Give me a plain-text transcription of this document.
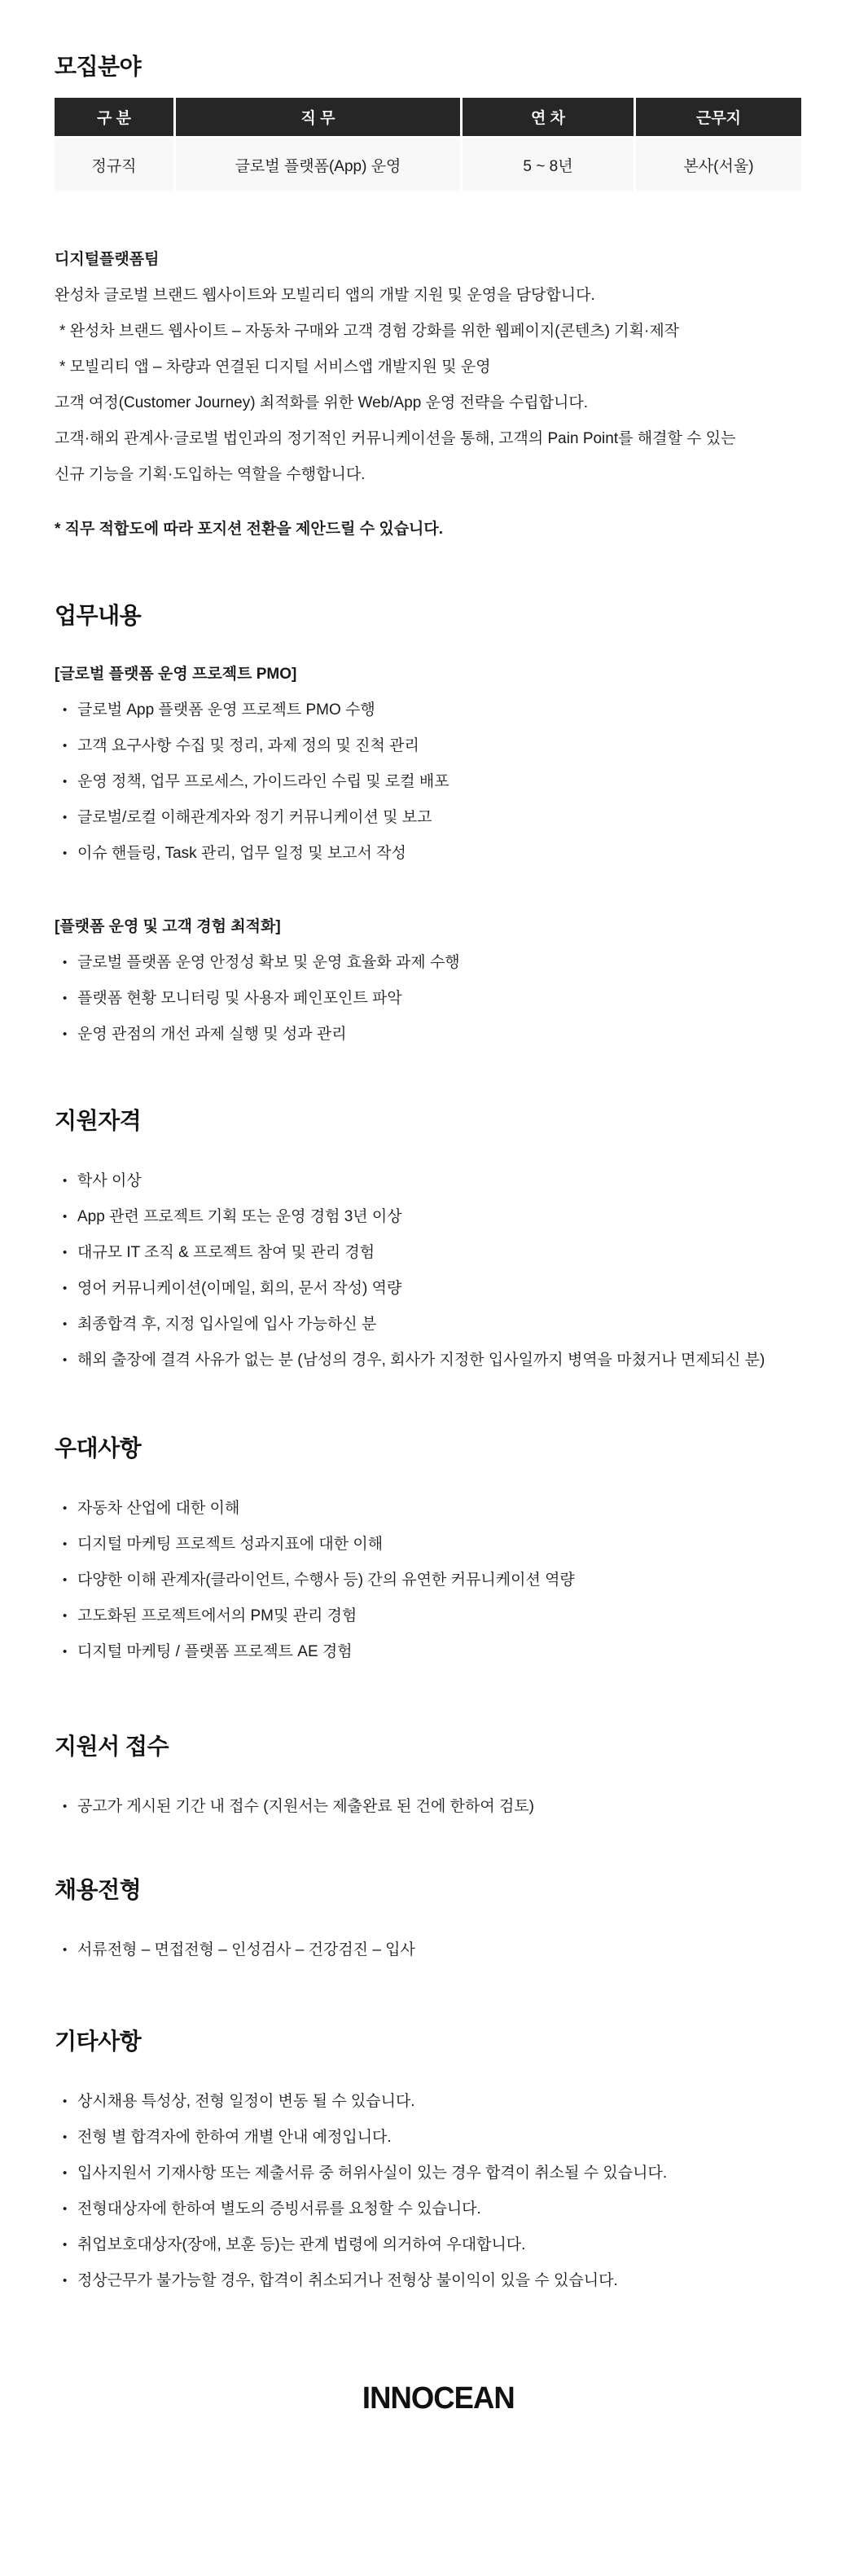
모집분야
구 분	직 무	연 차	근무지
정규직	글로벌 플랫폼(App) 운영	5 ~ 8년	본사(서울)

디지털플랫폼팀

완성차 글로벌 브랜드 웹사이트와 모빌리티 앱의 개발 지원 및 운영을 담당합니다.

* 완성차 브랜드 웹사이트 – 자동차 구매와 고객 경험 강화를 위한 웹페이지(콘텐츠) 기획·제작

* 모빌리티 앱 – 차량과 연결된 디지털 서비스앱 개발지원 및 운영

고객 여정(Customer Journey) 최적화를 위한 Web/App 운영 전략을 수립합니다.

고객·해외 관계사·글로벌 법인과의 정기적인 커뮤니케이션을 통해, 고객의 Pain Point를 해결할 수 있는

신규 기능을 기획·도입하는 역할을 수행합니다.

* 직무 적합도에 따라 포지션 전환을 제안드릴 수 있습니다.

업무내용

[글로벌 플랫폼 운영 프로젝트 PMO]

• 글로벌 App 플랫폼 운영 프로젝트 PMO 수행
• 고객 요구사항 수집 및 정리, 과제 정의 및 진척 관리
• 운영 정책, 업무 프로세스, 가이드라인 수립 및 로컬 배포
• 글로벌/로컬 이해관계자와 정기 커뮤니케이션 및 보고
• 이슈 핸들링, Task 관리, 업무 일정 및 보고서 작성

[플랫폼 운영 및 고객 경험 최적화]

• 글로벌 플랫폼 운영 안정성 확보 및 운영 효율화 과제 수행
• 플랫폼 현황 모니터링 및 사용자 페인포인트 파악
• 운영 관점의 개선 과제 실행 및 성과 관리
지원자격
• 학사 이상
• App 관련 프로젝트 기획 또는 운영 경험 3년 이상
• 대규모 IT 조직 & 프로젝트 참여 및 관리 경험
• 영어 커뮤니케이션(이메일, 회의, 문서 작성) 역량
• 최종합격 후, 지정 입사일에 입사 가능하신 분
• 해외 출장에 결격 사유가 없는 분 (남성의 경우, 회사가 지정한 입사일까지 병역을 마쳤거나 면제되신 분)
우대사항
• 자동차 산업에 대한 이해
• 디지털 마케팅 프로젝트 성과지표에 대한 이해
• 다양한 이해 관계자(클라이언트, 수행사 등) 간의 유연한 커뮤니케이션 역량
• 고도화된 프로젝트에서의 PM및 관리 경험
• 디지털 마케팅 / 플랫폼 프로젝트 AE 경험
지원서 접수
• 공고가 게시된 기간 내 접수 (지원서는 제출완료 된 건에 한하여 검토)
채용전형
• 서류전형 – 면접전형 – 인성검사 – 건강검진 – 입사
기타사항
• 상시채용 특성상, 전형 일정이 변동 될 수 있습니다.
• 전형 별 합격자에 한하여 개별 안내 예정입니다.
• 입사지원서 기재사항 또는 제출서류 중 허위사실이 있는 경우 합격이 취소될 수 있습니다.
• 전형대상자에 한하여 별도의 증빙서류를 요청할 수 있습니다.
• 취업보호대상자(장애, 보훈 등)는 관계 법령에 의거하여 우대합니다.
• 정상근무가 불가능할 경우, 합격이 취소되거나 전형상 불이익이 있을 수 있습니다.
INNOCEAN
